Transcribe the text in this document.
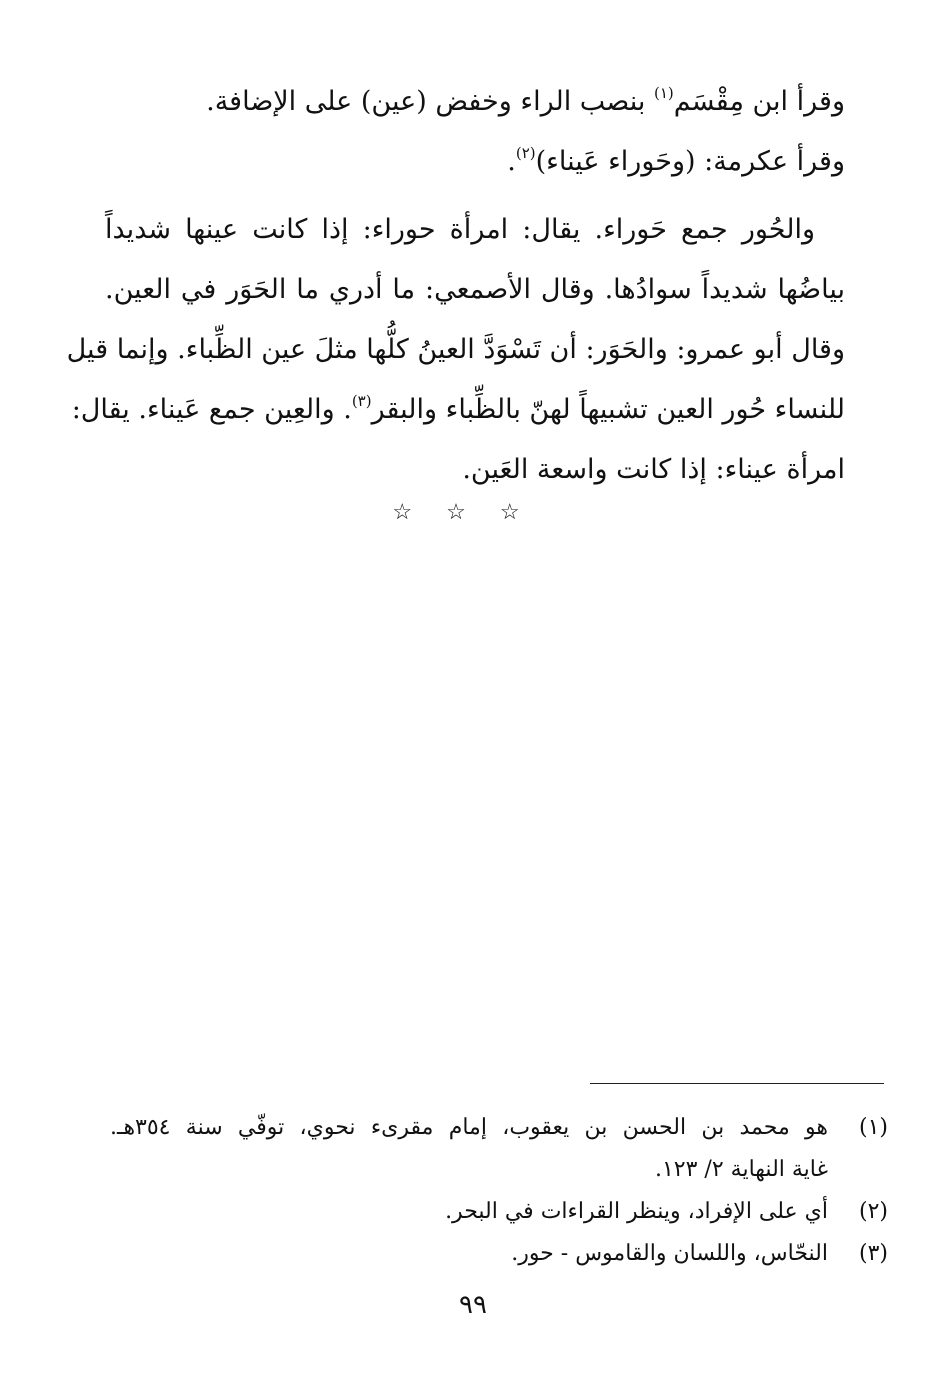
وقرأ ابن مِقْسَم$^{(١)}$ بنصب الراء وخفض (عين) على الإضافة.
وقرأ عكرمة: (وحَوراء عَيناء)$^{(٢)}$.
والحُور جمع حَوراء. يقال: امرأة حوراء: إذا كانت عينها شديداً
بياضُها شديداً سوادُها. وقال الأصمعي: ما أدري ما الحَوَر في العين.
وقال أبو عمرو: والحَوَر: أن تَسْوَدَّ العينُ كلُّها مثلَ عين الظِّباء. وإنما قيل
للنساء حُور العين تشبيهاً لهنّ بالظِّباء والبقر$^{(٣)}$. والعِين جمع عَيناء. يقال:
امرأة عيناء: إذا كانت واسعة العَين.
☆☆☆
(١)
هو محمد بن الحسن بن يعقوب، إمام مقرىء نحوي، توفّي سنة ٣٥٤هـ.
غاية النهاية ٢/ ١٢٣.
(٢)
أي على الإفراد، وينظر القراءات في البحر.
(٣)
النحّاس، واللسان والقاموس - حور.
٩٩
